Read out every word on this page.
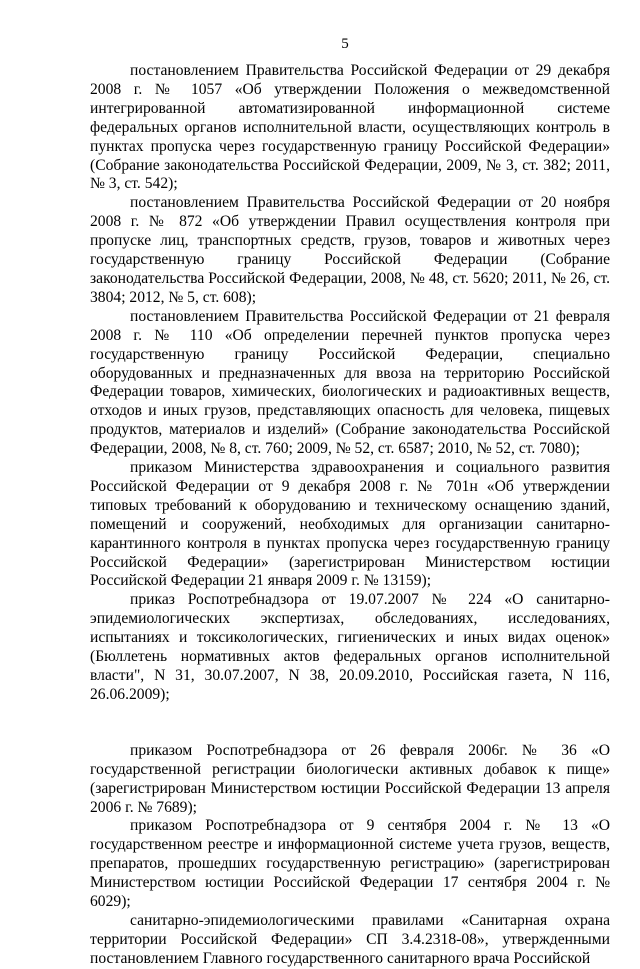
5

постановлением Правительства Российской Федерации от 29 декабря 2008 г. № 1057 «Об утверждении Положения о межведомственной интегрированной автоматизированной информационной системе федеральных органов исполнительной власти, осуществляющих контроль в пунктах пропуска через государственную границу Российской Федерации» (Собрание законодательства Российской Федерации, 2009, № 3, ст. 382; 2011, № 3, ст. 542);

постановлением Правительства Российской Федерации от 20 ноября 2008 г. № 872 «Об утверждении Правил осуществления контроля при пропуске лиц, транспортных средств, грузов, товаров и животных через государственную границу Российской Федерации (Собрание законодательства Российской Федерации, 2008, № 48, ст. 5620; 2011, № 26, ст. 3804; 2012, № 5, ст. 608);

постановлением Правительства Российской Федерации от 21 февраля 2008 г. № 110 «Об определении перечней пунктов пропуска через государственную границу Российской Федерации, специально оборудованных и предназначенных для ввоза на территорию Российской Федерации товаров, химических, биологических и радиоактивных веществ, отходов и иных грузов, представляющих опасность для человека, пищевых продуктов, материалов и изделий» (Собрание законодательства Российской Федерации, 2008, № 8, ст. 760; 2009, № 52, ст. 6587; 2010, № 52, ст. 7080);

приказом Министерства здравоохранения и социального развития Российской Федерации от 9 декабря 2008 г. № 701н «Об утверждении типовых требований к оборудованию и техническому оснащению зданий, помещений и сооружений, необходимых для организации санитарно-карантинного контроля в пунктах пропуска через государственную границу Российской Федерации» (зарегистрирован Министерством юстиции Российской Федерации 21 января 2009 г. № 13159);

приказ Роспотребнадзора от 19.07.2007 № 224 «О санитарно-эпидемиологических экспертизах, обследованиях, исследованиях, испытаниях и токсикологических, гигиенических и иных видах оценок» (Бюллетень нормативных актов федеральных органов исполнительной власти", N 31, 30.07.2007, N 38, 20.09.2010, Российская газета, N 116, 26.06.2009);

приказом Роспотребнадзора от 26 февраля 2006г. № 36 «О государственной регистрации биологически активных добавок к пище» (зарегистрирован Министерством юстиции Российской Федерации 13 апреля 2006 г. № 7689);

приказом Роспотребнадзора от 9 сентября 2004 г. № 13 «О государственном реестре и информационной системе учета грузов, веществ, препаратов, прошедших государственную регистрацию» (зарегистрирован Министерством юстиции Российской Федерации 17 сентября 2004 г. № 6029);

санитарно-эпидемиологическими правилами «Санитарная охрана территории Российской Федерации» СП 3.4.2318-08», утвержденными постановлением Главного государственного санитарного врача Российской
